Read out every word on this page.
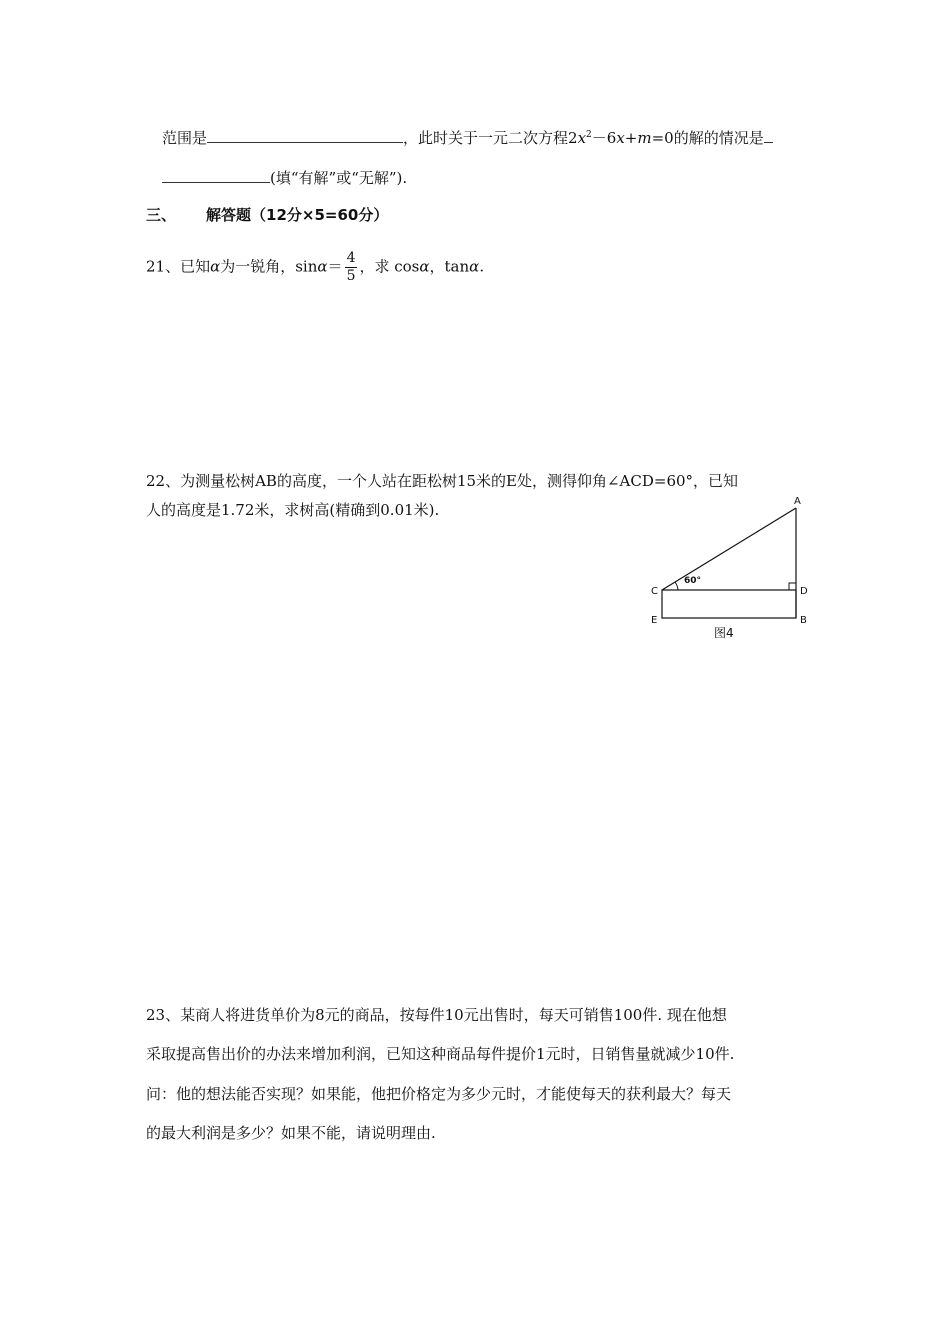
范围是	，此时关于一元二次方程$2x^2-6x+m=0$的解的情况是
(填“有解”或“无解”).
三、 解答题（12分×5=60分）
21、已知α为一锐角，$\sin\alpha= \frac{4}{5}$ ，求 cosα，tanα.
22、为测量松树AB的高度，一个人站在距松树15米的E处，测得仰角∠ACD=60°，已知
人的高度是1.72米，求树高(精确到0.01米).	A
D
B
C
E
60°
图4
23、某商人将进货单价为8元的商品，按每件10元出售时，每天可销售100件. 现在他想
采取提高售出价的办法来增加利润，已知这种商品每件提价1元时，日销售量就减少10件.
问：他的想法能否实现？如果能，他把价格定为多少元时，才能使每天的获利最大？每天
的最大利润是多少？如果不能，请说明理由.
